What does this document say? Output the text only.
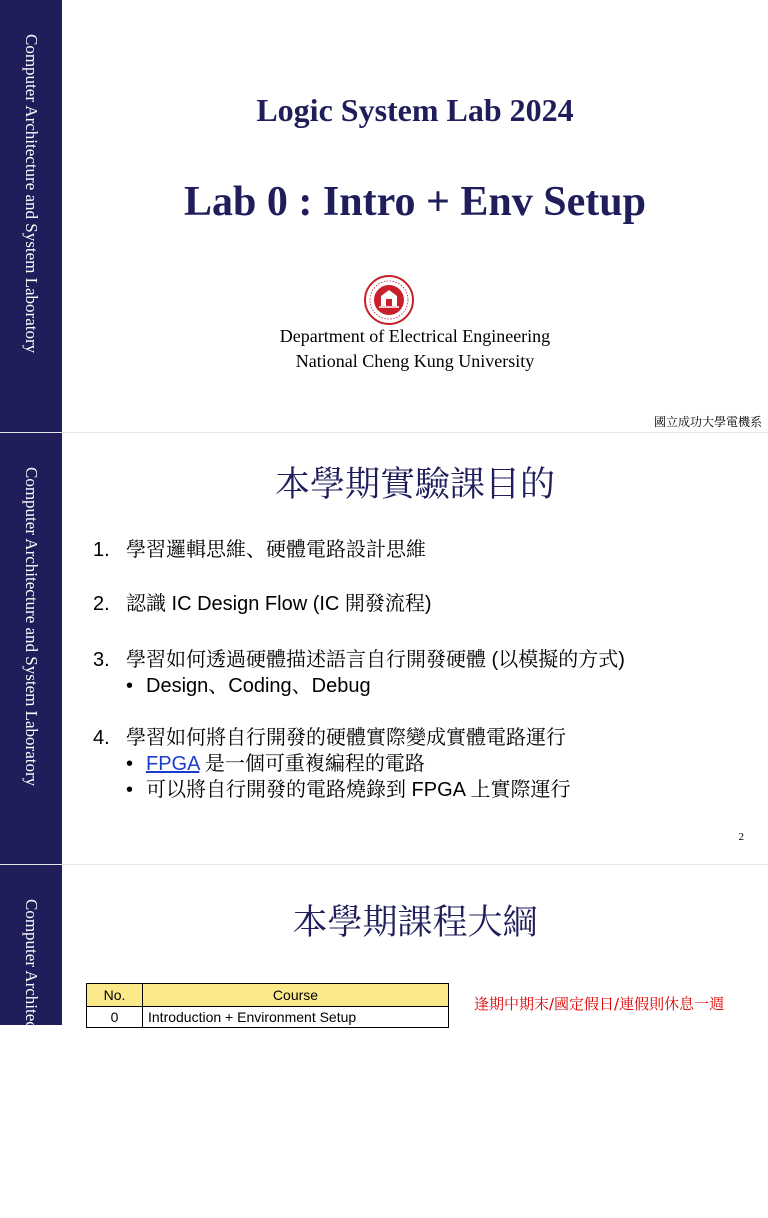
Computer Architecture and System Laboratory	Logic System Lab 2024
Lab 0 : Intro + Env Setup
Department of Electrical Engineering
National Cheng Kung University
國立成功大學電機系
Computer Architecture and System Laboratory	本學期實驗課目的
1. 學習邏輯思維、硬體電路設計思維
2. 認識 IC Design Flow (IC 開發流程)
3. 學習如何透過硬體描述語言自行開發硬體 (以模擬的方式)
• Design、Coding、Debug
4. 學習如何將自行開發的硬體實際變成實體電路運行
• FPGA 是一個可重複編程的電路
• 可以將自行開發的電路燒錄到 FPGA 上實際運行
2
Computer Architecture and System Laboratory	本學期課程大綱
No.	Course
0	Introduction + Environment Setup
逢期中期末/國定假日/連假則休息一週
